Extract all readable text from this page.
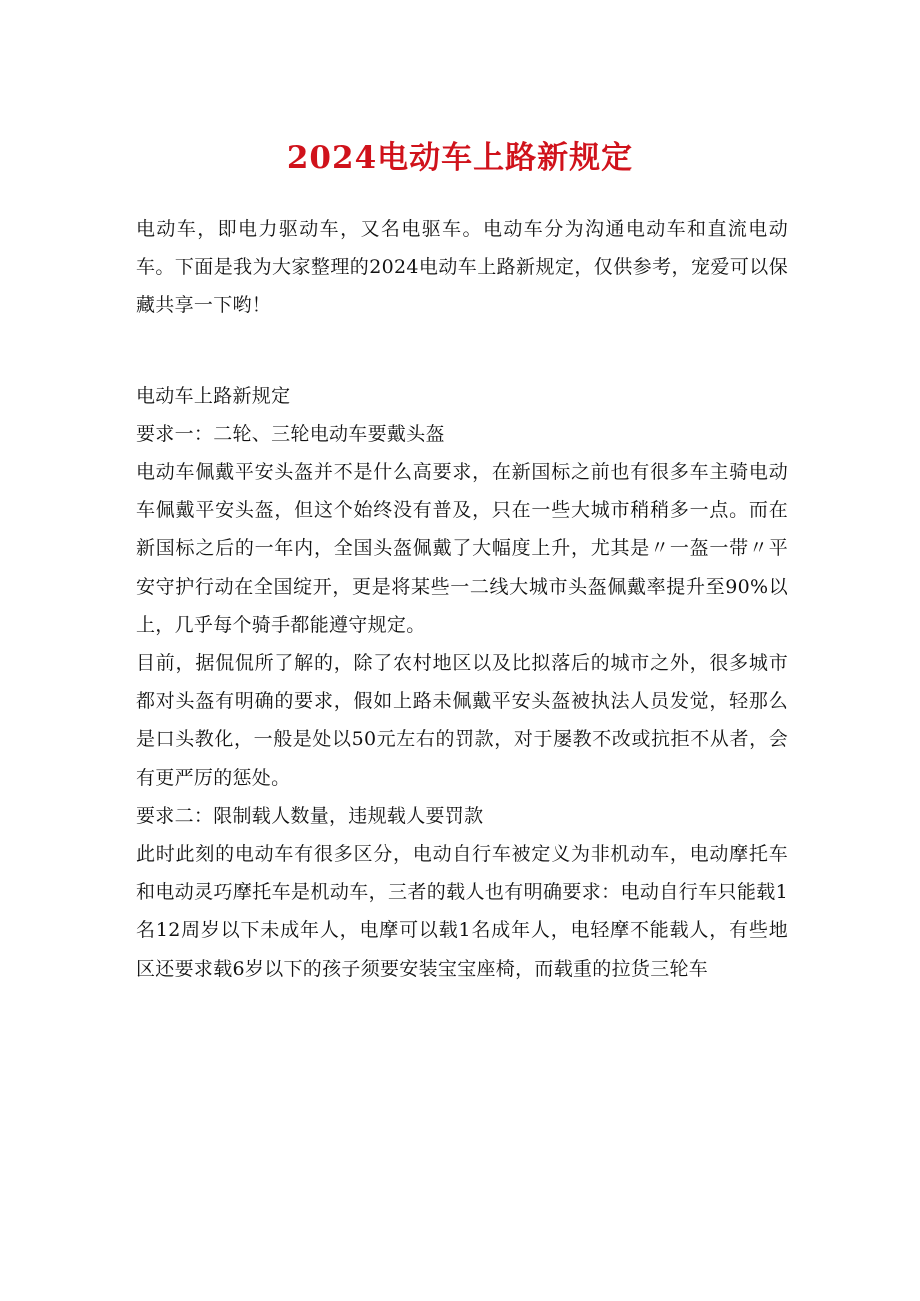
2024电动车上路新规定

电动车，即电力驱动车，又名电驱车。电动车分为沟通电动车和直流电动车。下面是我为大家整理的2024电动车上路新规定，仅供参考，宠爱可以保藏共享一下哟！

电动车上路新规定

要求一：二轮、三轮电动车要戴头盔

电动车佩戴平安头盔并不是什么高要求，在新国标之前也有很多车主骑电动车佩戴平安头盔，但这个始终没有普及，只在一些大城市稍稍多一点。而在新国标之后的一年内，全国头盔佩戴了大幅度上升，尤其是〃一盔一带〃平安守护行动在全国绽开，更是将某些一二线大城市头盔佩戴率提升至90%以上，几乎每个骑手都能遵守规定。

目前，据侃侃所了解的，除了农村地区以及比拟落后的城市之外，很多城市都对头盔有明确的要求，假如上路未佩戴平安头盔被执法人员发觉，轻那么是口头教化，一般是处以50元左右的罚款，对于屡教不改或抗拒不从者，会有更严厉的惩处。

要求二：限制载人数量，违规载人要罚款

此时此刻的电动车有很多区分，电动自行车被定义为非机动车，电动摩托车和电动灵巧摩托车是机动车，三者的载人也有明确要求：电动自行车只能载1名12周岁以下未成年人，电摩可以载1名成年人，电轻摩不能载人，有些地区还要求载6岁以下的孩子须要安装宝宝座椅，而载重的拉货三轮车
